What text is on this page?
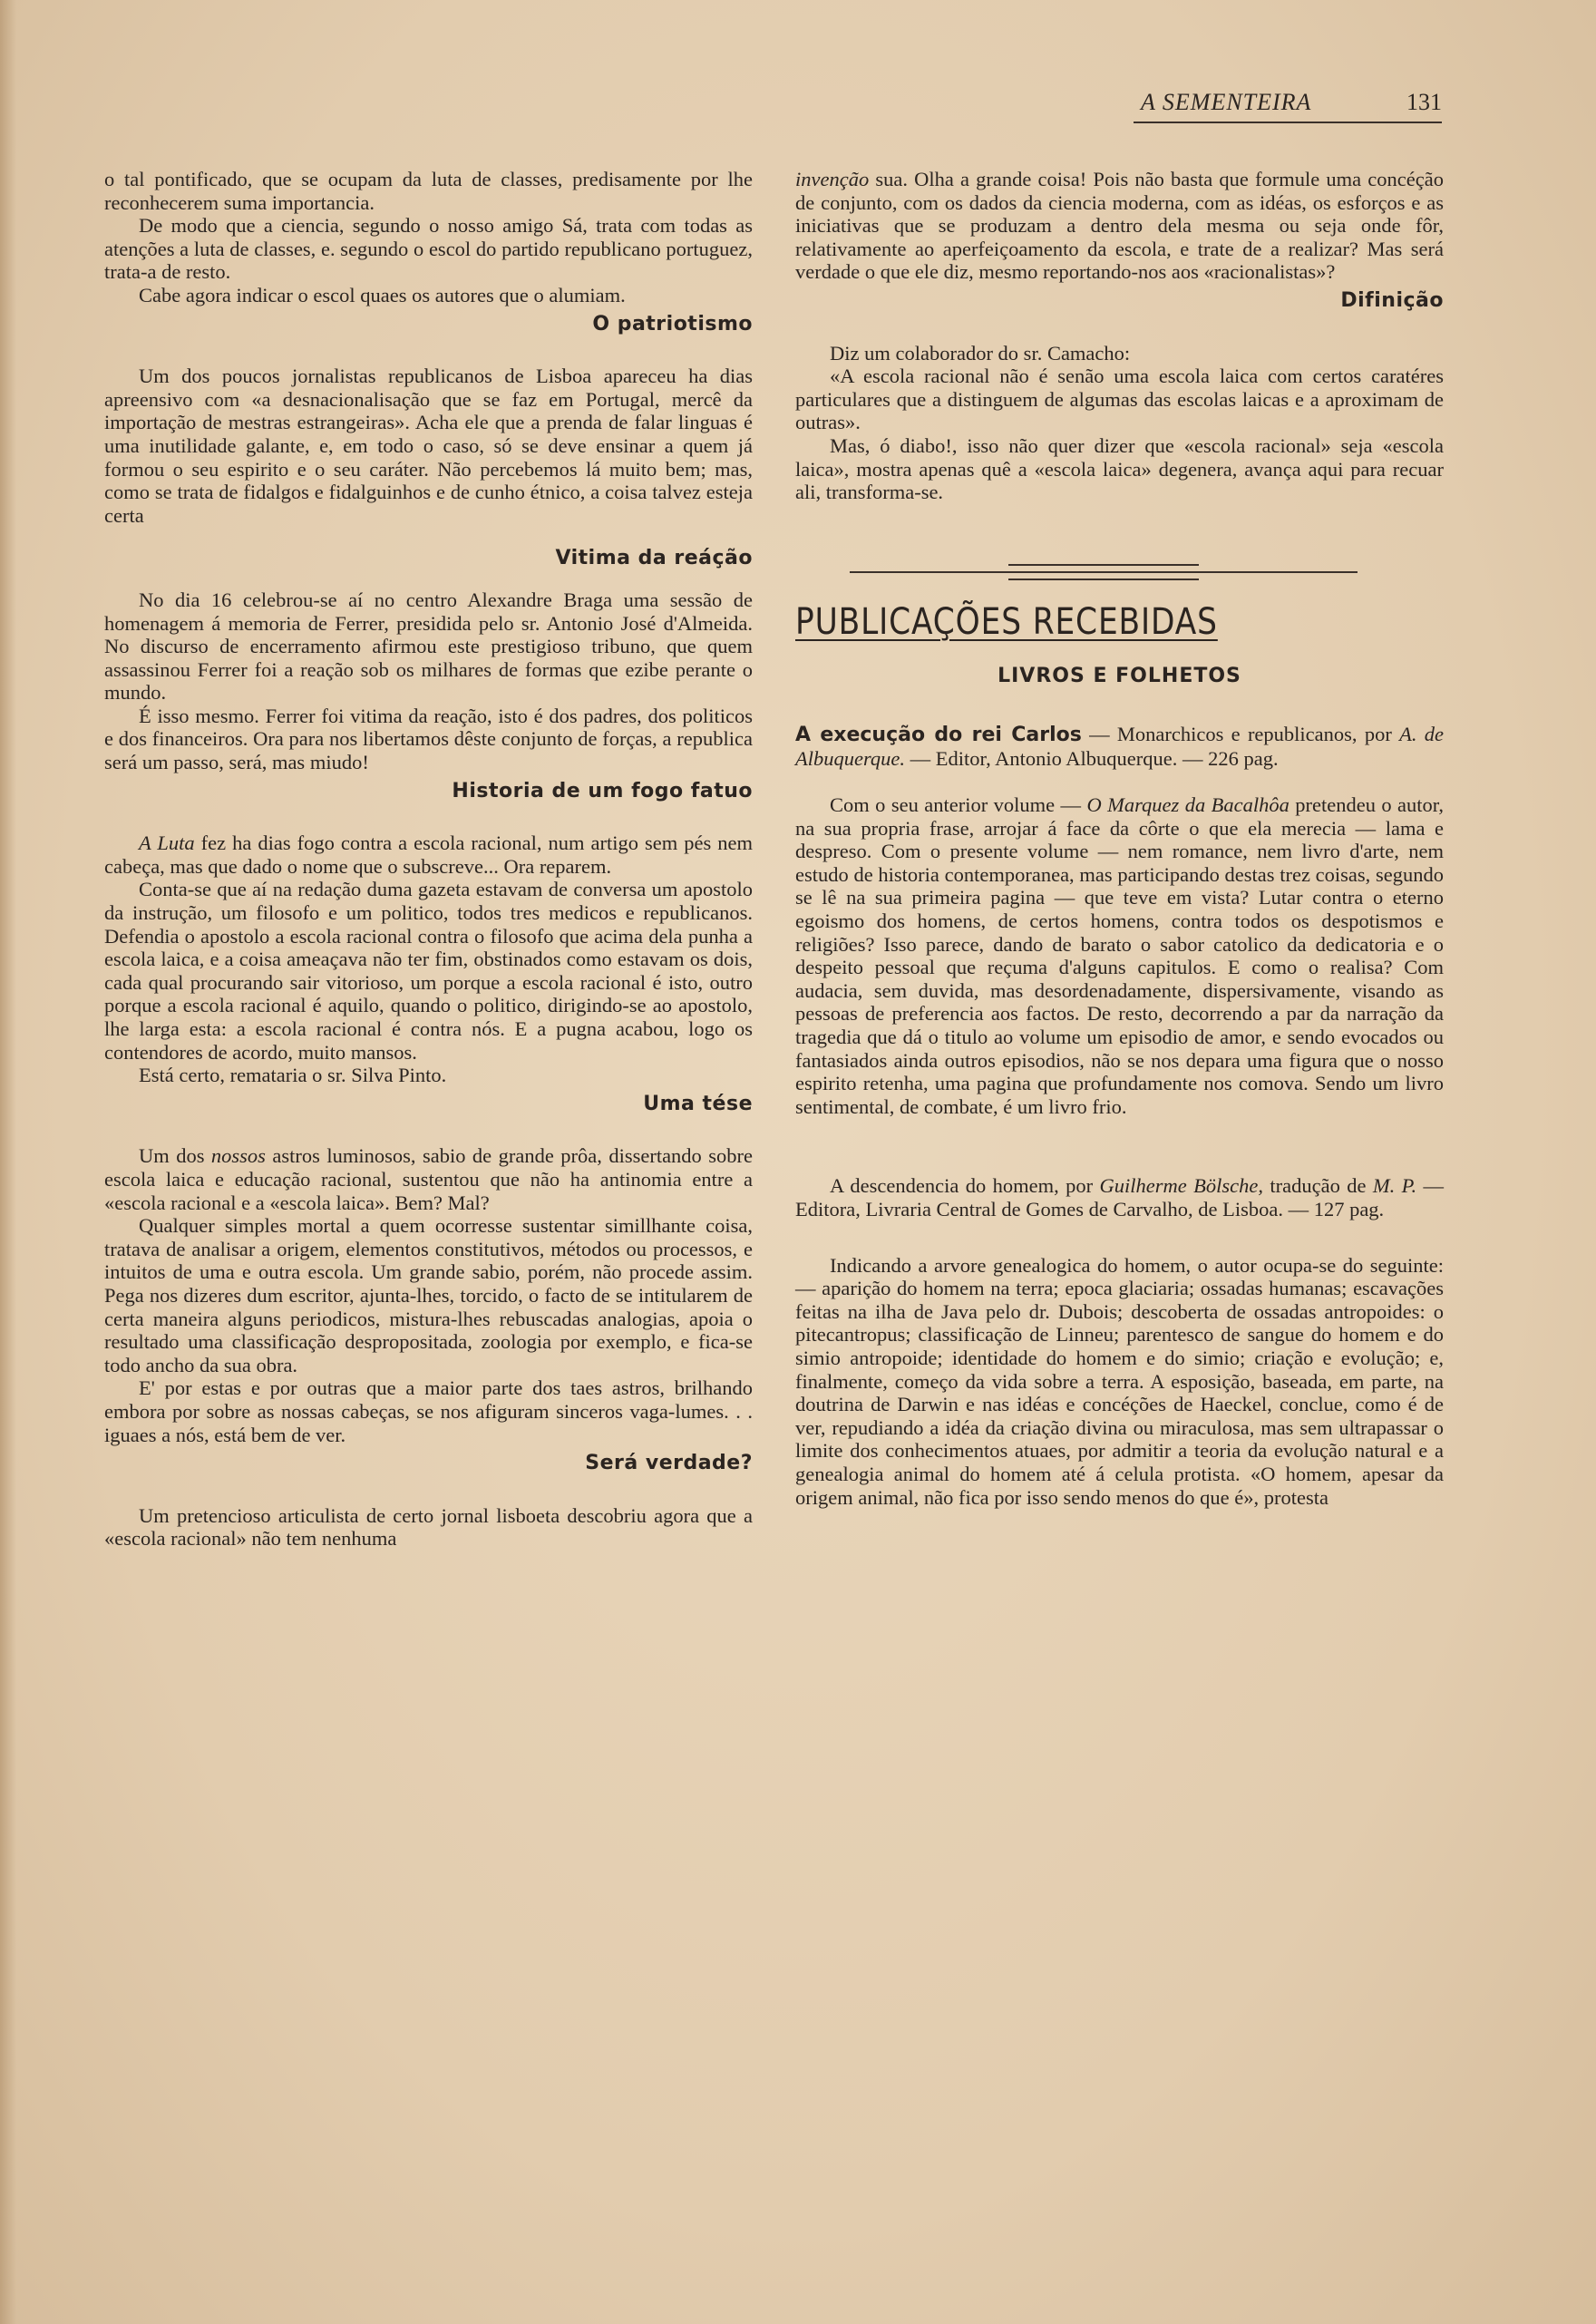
A SEMENTEIRA	131

o tal pontificado, que se ocupam da luta de classes, predisamente por lhe reconhecerem suma importancia.

De modo que a ciencia, segundo o nosso amigo Sá, trata com todas as atenções a luta de classes, e. segundo o escol do partido republicano portuguez, trata-a de resto.

Cabe agora indicar o escol quaes os autores que o alumiam.

O patriotismo

Um dos poucos jornalistas republicanos de Lisboa apareceu ha dias apreensivo com «a desnacionalisação que se faz em Portugal, mercê da importação de mestras estrangeiras». Acha ele que a prenda de falar linguas é uma inutilidade galante, e, em todo o caso, só se deve ensinar a quem já formou o seu espirito e o seu caráter. Não percebemos lá muito bem; mas, como se trata de fidalgos e fidalguinhos e de cunho étnico, a coisa talvez esteja certa

Vitima da reáção

No dia 16 celebrou-se aí no centro Alexandre Braga uma sessão de homenagem á memoria de Ferrer, presidida pelo sr. Antonio José d'Almeida. No discurso de encerramento afirmou este prestigioso tribuno, que quem assassinou Ferrer foi a reação sob os milhares de formas que ezibe perante o mundo.

É isso mesmo. Ferrer foi vitima da reação, isto é dos padres, dos politicos e dos financeiros. Ora para nos libertamos dêste conjunto de forças, a republica será um passo, será, mas miudo!

Historia de um fogo fatuo

A Luta fez ha dias fogo contra a escola racional, num artigo sem pés nem cabeça, mas que dado o nome que o subscreve... Ora reparem.

Conta-se que aí na redação duma gazeta estavam de conversa um apostolo da instrução, um filosofo e um politico, todos tres medicos e republicanos. Defendia o apostolo a escola racional contra o filosofo que acima dela punha a escola laica, e a coisa ameaçava não ter fim, obstinados como estavam os dois, cada qual procurando sair vitorioso, um porque a escola racional é isto, outro porque a escola racional é aquilo, quando o politico, dirigindo-se ao apostolo, lhe larga esta: a escola racional é contra nós. E a pugna acabou, logo os contendores de acordo, muito mansos.

Está certo, remataria o sr. Silva Pinto.

Uma tése

Um dos nossos astros luminosos, sabio de grande prôa, dissertando sobre escola laica e educação racional, sustentou que não ha antinomia entre a «escola racional e a «escola laica». Bem? Mal?

Qualquer simples mortal a quem ocorresse sustentar simillhante coisa, tratava de analisar a origem, elementos constitutivos, métodos ou processos, e intuitos de uma e outra escola. Um grande sabio, porém, não procede assim. Pega nos dizeres dum escritor, ajunta-lhes, torcido, o facto de se intitularem de certa maneira alguns periodicos, mistura-lhes rebuscadas analogias, apoia o resultado uma classificação despropositada, zoologia por exemplo, e fica-se todo ancho da sua obra.

E' por estas e por outras que a maior parte dos taes astros, brilhando embora por sobre as nossas cabeças, se nos afiguram sinceros vaga-lumes. . . iguaes a nós, está bem de ver.

Será verdade?

Um pretencioso articulista de certo jornal lisboeta descobriu agora que a «escola racional» não tem nenhuma

invenção sua. Olha a grande coisa! Pois não basta que formule uma concéção de conjunto, com os dados da ciencia moderna, com as idéas, os esforços e as iniciativas que se produzam a dentro dela mesma ou seja onde fôr, relativamente ao aperfeiçoamento da escola, e trate de a realizar? Mas será verdade o que ele diz, mesmo reportando-nos aos «racionalistas»?

Difinição

Diz um colaborador do sr. Camacho:

«A escola racional não é senão uma escola laica com certos caratéres particulares que a distinguem de algumas das escolas laicas e a aproximam de outras».

Mas, ó diabo!, isso não quer dizer que «escola racional» seja «escola laica», mostra apenas quê a «escola laica» degenera, avança aqui para recuar ali, transforma-se.

PUBLICAÇÕES RECEBIDAS
LIVROS E FOLHETOS

A execução do rei Carlos — Monarchicos e republicanos, por A. de Albuquerque. — Editor, Antonio Albuquerque. — 226 pag.

Com o seu anterior volume — O Marquez da Bacalhôa pretendeu o autor, na sua propria frase, arrojar á face da côrte o que ela merecia — lama e despreso. Com o presente volume — nem romance, nem livro d'arte, nem estudo de historia contemporanea, mas participando destas trez coisas, segundo se lê na sua primeira pagina — que teve em vista? Lutar contra o eterno egoismo dos homens, de certos homens, contra todos os despotismos e religiões? Isso parece, dando de barato o sabor catolico da dedicatoria e o despeito pessoal que reçuma d'alguns capitulos. E como o realisa? Com audacia, sem duvida, mas desordenadamente, dispersivamente, visando as pessoas de preferencia aos factos. De resto, decorrendo a par da narração da tragedia que dá o titulo ao volume um episodio de amor, e sendo evocados ou fantasiados ainda outros episodios, não se nos depara uma figura que o nosso espirito retenha, uma pagina que profundamente nos comova. Sendo um livro sentimental, de combate, é um livro frio.

A descendencia do homem, por Guilherme Bölsche, tradução de M. P. — Editora, Livraria Central de Gomes de Carvalho, de Lisboa. — 127 pag.

Indicando a arvore genealogica do homem, o autor ocupa-se do seguinte: — aparição do homem na terra; epoca glaciaria; ossadas humanas; escavações feitas na ilha de Java pelo dr. Dubois; descoberta de ossadas antropoides: o pitecantropus; classificação de Linneu; parentesco de sangue do homem e do simio antropoide; identidade do homem e do simio; criação e evolução; e, finalmente, começo da vida sobre a terra. A esposição, baseada, em parte, na doutrina de Darwin e nas idéas e concéções de Haeckel, conclue, como é de ver, repudiando a idéa da criação divina ou miraculosa, mas sem ultrapassar o limite dos conhecimentos atuaes, por admitir a teoria da evolução natural e a genealogia animal do homem até á celula protista. «O homem, apesar da origem animal, não fica por isso sendo menos do que é», protesta
